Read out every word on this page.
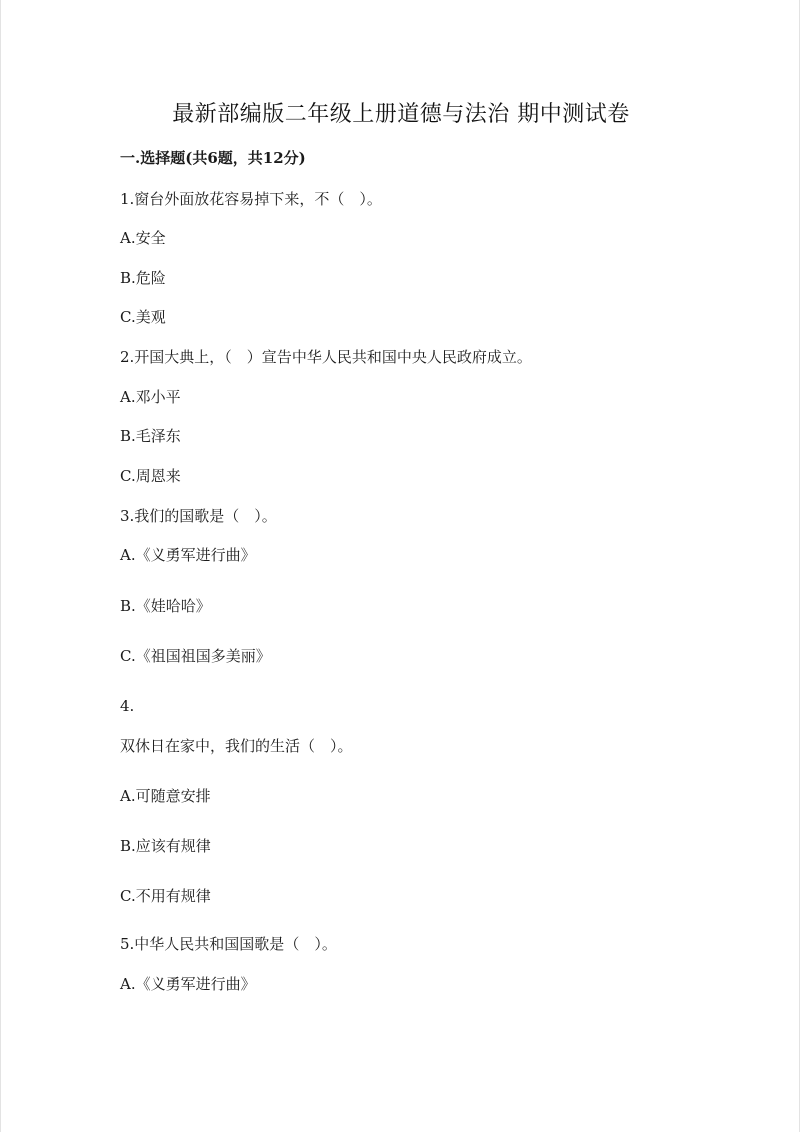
最新部编版二年级上册道德与法治 期中测试卷
一.选择题(共6题，共12分)
1.窗台外面放花容易掉下来，不（　）。
A.安全
B.危险
C.美观
2.开国大典上，（　）宣告中华人民共和国中央人民政府成立。
A.邓小平
B.毛泽东
C.周恩来
3.我们的国歌是（　）。
A.《义勇军进行曲》
B.《娃哈哈》
C.《祖国祖国多美丽》
4.
双休日在家中，我们的生活（　）。
A.可随意安排
B.应该有规律
C.不用有规律
5.中华人民共和国国歌是（　）。
A.《义勇军进行曲》
